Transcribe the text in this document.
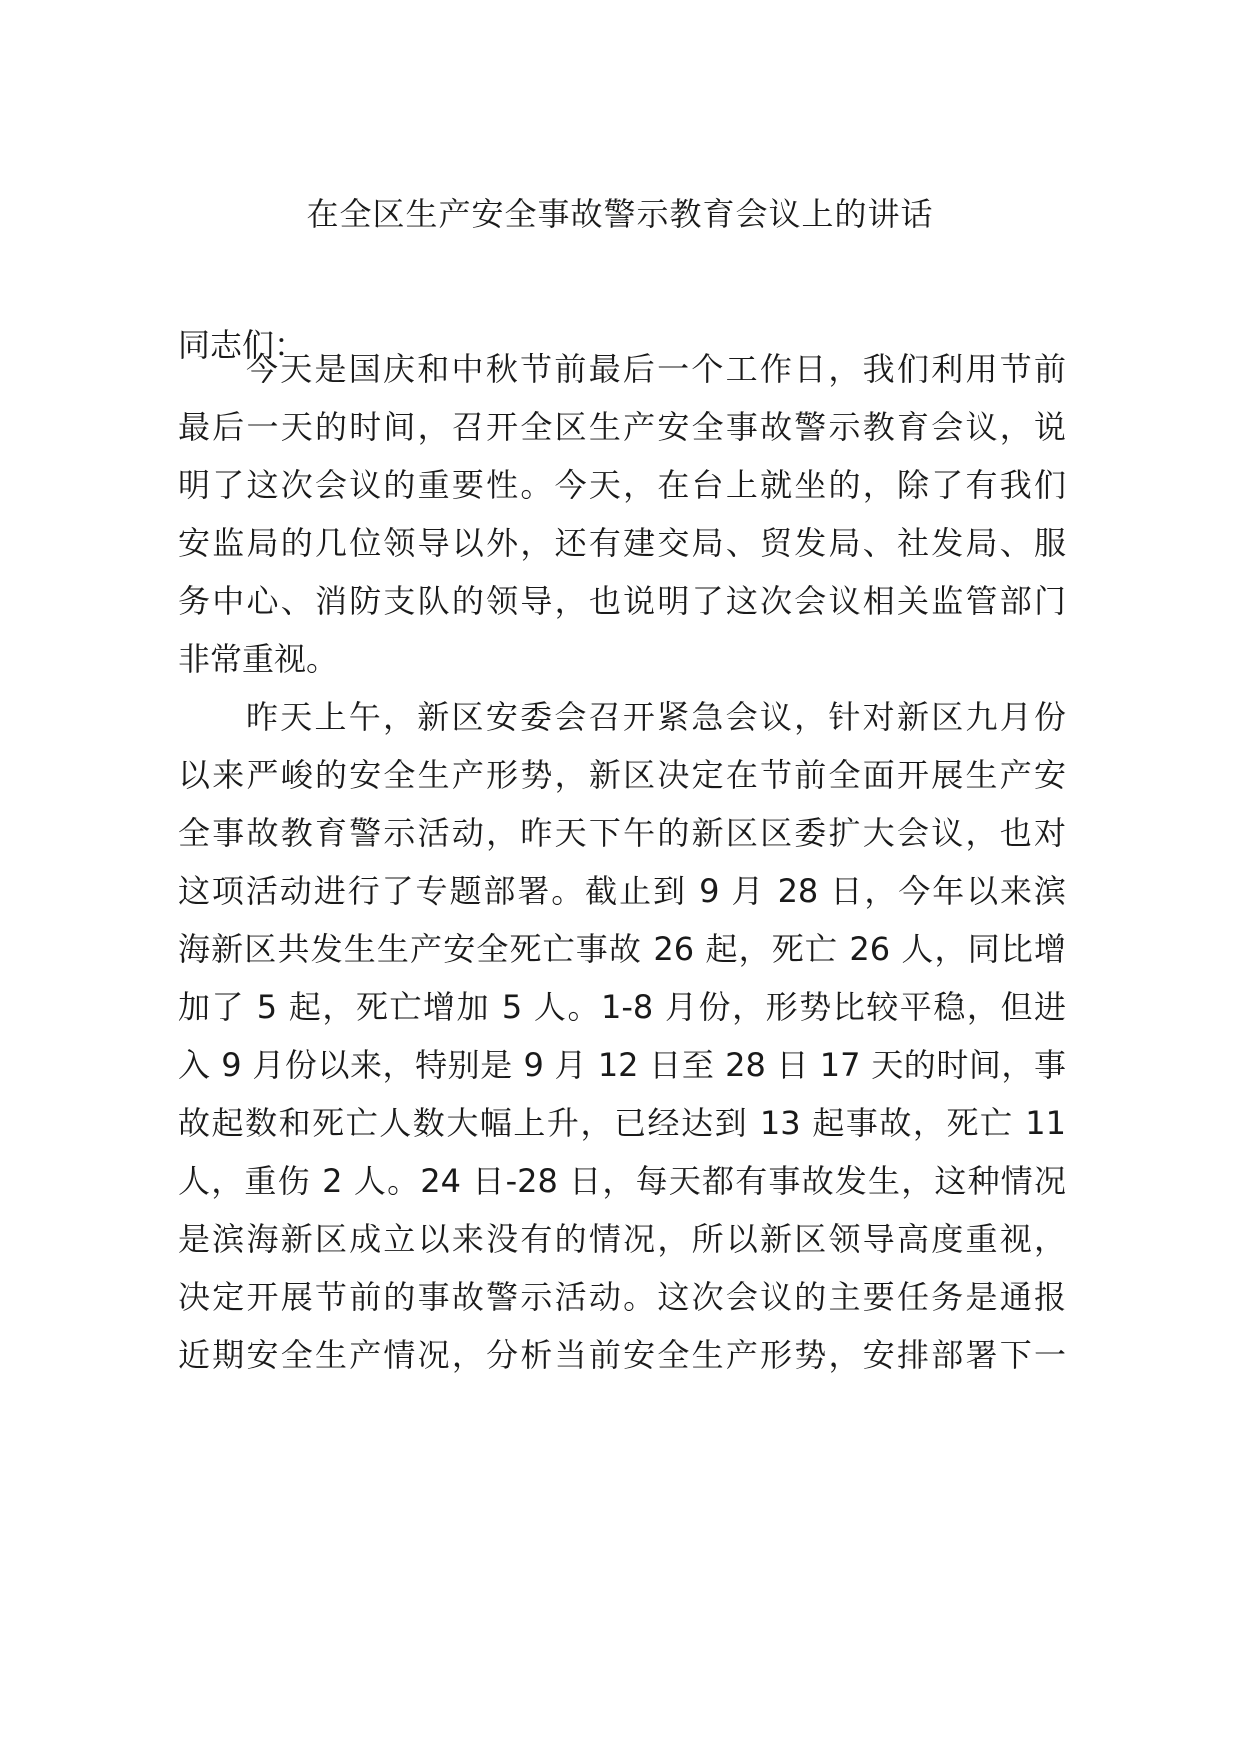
在全区生产安全事故警示教育会议上的讲话
同志们：
今天是国庆和中秋节前最后一个工作日，我们利用节前
最后一天的时间，召开全区生产安全事故警示教育会议，说
明了这次会议的重要性。今天，在台上就坐的，除了有我们
安监局的几位领导以外，还有建交局、贸发局、社发局、服
务中心、消防支队的领导，也说明了这次会议相关监管部门
非常重视。
昨天上午，新区安委会召开紧急会议，针对新区九月份
以来严峻的安全生产形势，新区决定在节前全面开展生产安
全事故教育警示活动，昨天下午的新区区委扩大会议，也对
这项活动进行了专题部署。截止到 9 月 28 日，今年以来滨
海新区共发生生产安全死亡事故 26 起，死亡 26 人，同比增
加了 5 起，死亡增加 5 人。1-8 月份，形势比较平稳，但进
入 9 月份以来，特别是 9 月 12 日至 28 日 17 天的时间，事
故起数和死亡人数大幅上升，已经达到 13 起事故，死亡 11
人，重伤 2 人。24 日-28 日，每天都有事故发生，这种情况
是滨海新区成立以来没有的情况，所以新区领导高度重视，
决定开展节前的事故警示活动。这次会议的主要任务是通报
近期安全生产情况，分析当前安全生产形势，安排部署下一
